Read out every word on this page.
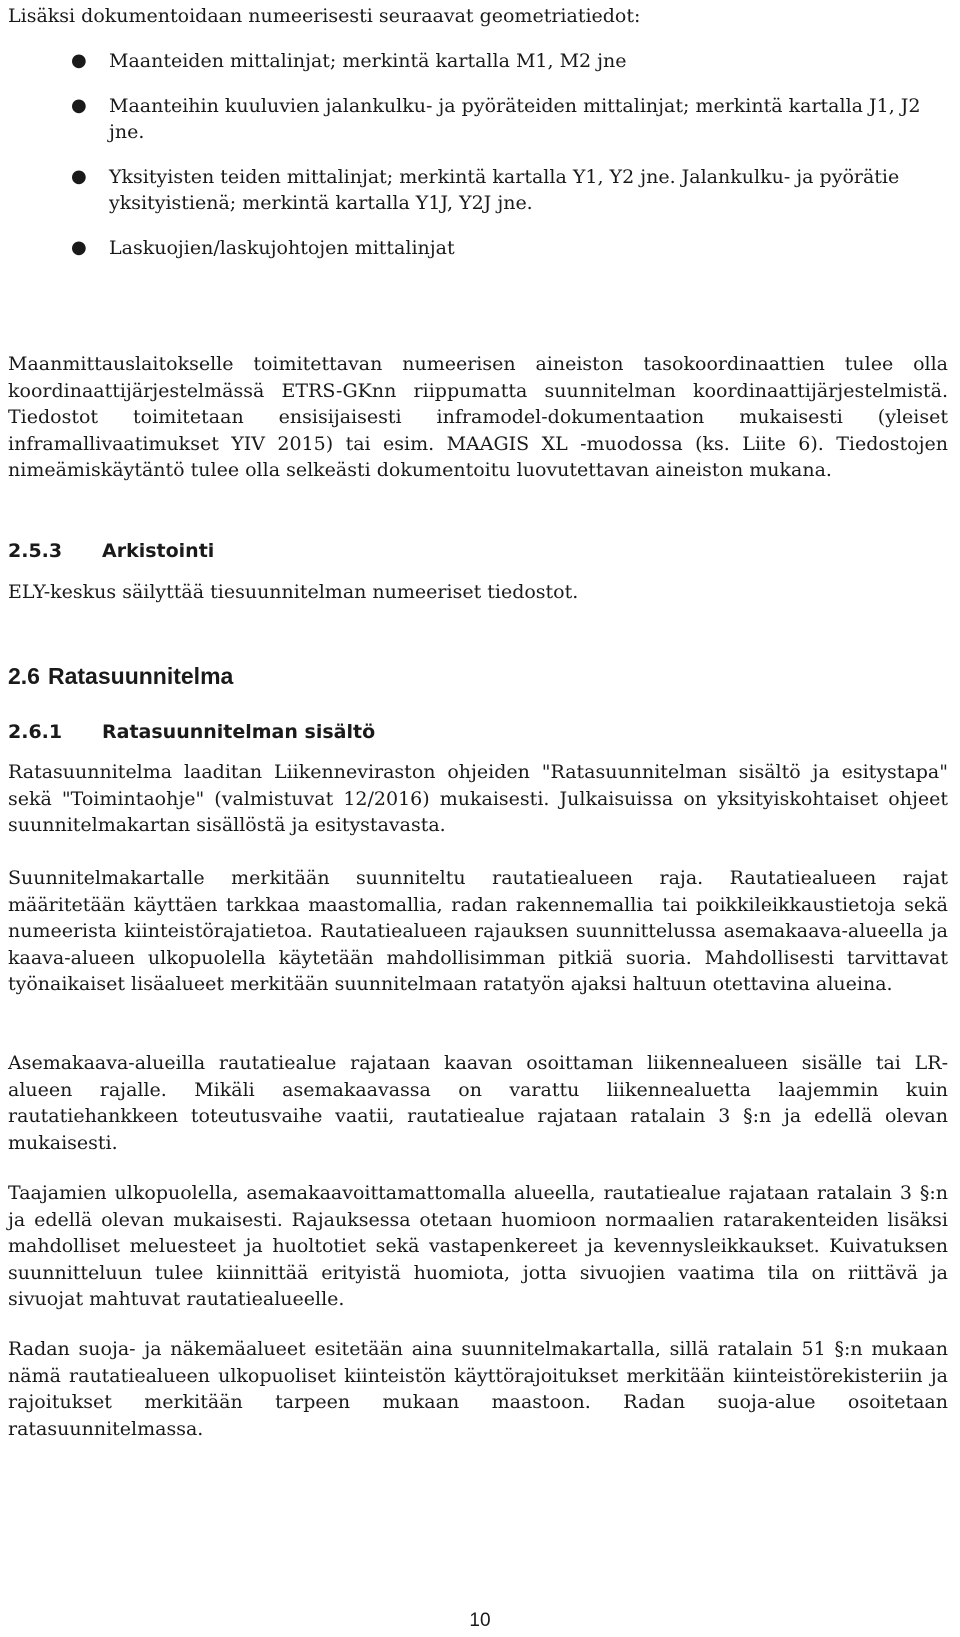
Lisäksi dokumentoidaan numeerisesti seuraavat geometriatiedot:

● Maanteiden mittalinjat; merkintä kartalla M1, M2 jne
● Maanteihin kuuluvien jalankulku- ja pyöräteiden mittalinjat; merkintä kartalla J1, J2 jne.
● Yksityisten teiden mittalinjat; merkintä kartalla Y1, Y2 jne. Jalankulku- ja pyörätie yksityistienä; merkintä kartalla Y1J, Y2J jne.
● Laskuojien/laskujohtojen mittalinjat

Maanmittauslaitokselle toimitettavan numeerisen aineiston tasokoordinaattien tulee olla koordinaattijärjestelmässä ETRS-GKnn riippumatta suunnitelman koordinaattijärjestelmistä. Tiedostot toimitetaan ensisijaisesti inframodel-dokumentaation mukaisesti (yleiset inframallivaatimukset YIV 2015) tai esim. MAAGIS XL -muodossa (ks. Liite 6). Tiedostojen nimeämiskäytäntö tulee olla selkeästi dokumentoitu luovutettavan aineiston mukana.

2.5.3 Arkistointi

ELY-keskus säilyttää tiesuunnitelman numeeriset tiedostot.

2.6 Ratasuunnitelma
2.6.1 Ratasuunnitelman sisältö

Ratasuunnitelma laaditan Liikenneviraston ohjeiden "Ratasuunnitelman sisältö ja esitystapa" sekä "Toimintaohje" (valmistuvat 12/2016) mukaisesti. Julkaisuissa on yksityiskohtaiset ohjeet suunnitelmakartan sisällöstä ja esitystavasta.

Suunnitelmakartalle merkitään suunniteltu rautatiealueen raja. Rautatiealueen rajat määritetään käyttäen tarkkaa maastomallia, radan rakennemallia tai poikkileikkaustietoja sekä numeerista kiinteistörajatietoa. Rautatiealueen rajauksen suunnittelussa asemakaava-alueella ja kaava-alueen ulkopuolella käytetään mahdollisimman pitkiä suoria. Mahdollisesti tarvittavat työnaikaiset lisäalueet merkitään suunnitelmaan ratatyön ajaksi haltuun otettavina alueina.

Asemakaava-alueilla rautatiealue rajataan kaavan osoittaman liikennealueen sisälle tai LR-alueen rajalle. Mikäli asemakaavassa on varattu liikennealuetta laajemmin kuin rautatiehankkeen toteutusvaihe vaatii, rautatiealue rajataan ratalain 3 §:n ja edellä olevan mukaisesti.

Taajamien ulkopuolella, asemakaavoittamattomalla alueella, rautatiealue rajataan ratalain 3 §:n ja edellä olevan mukaisesti. Rajauksessa otetaan huomioon normaalien ratarakenteiden lisäksi mahdolliset meluesteet ja huoltotiet sekä vastapenkereet ja kevennysleikkaukset. Kuivatuksen suunnitteluun tulee kiinnittää erityistä huomiota, jotta sivuojien vaatima tila on riittävä ja sivuojat mahtuvat rautatiealueelle.

Radan suoja- ja näkemäalueet esitetään aina suunnitelmakartalla, sillä ratalain 51 §:n mukaan nämä rautatiealueen ulkopuoliset kiinteistön käyttörajoitukset merkitään kiinteistörekisteriin ja rajoitukset merkitään tarpeen mukaan maastoon. Radan suoja-alue osoitetaan ratasuunnitelmassa.

10
